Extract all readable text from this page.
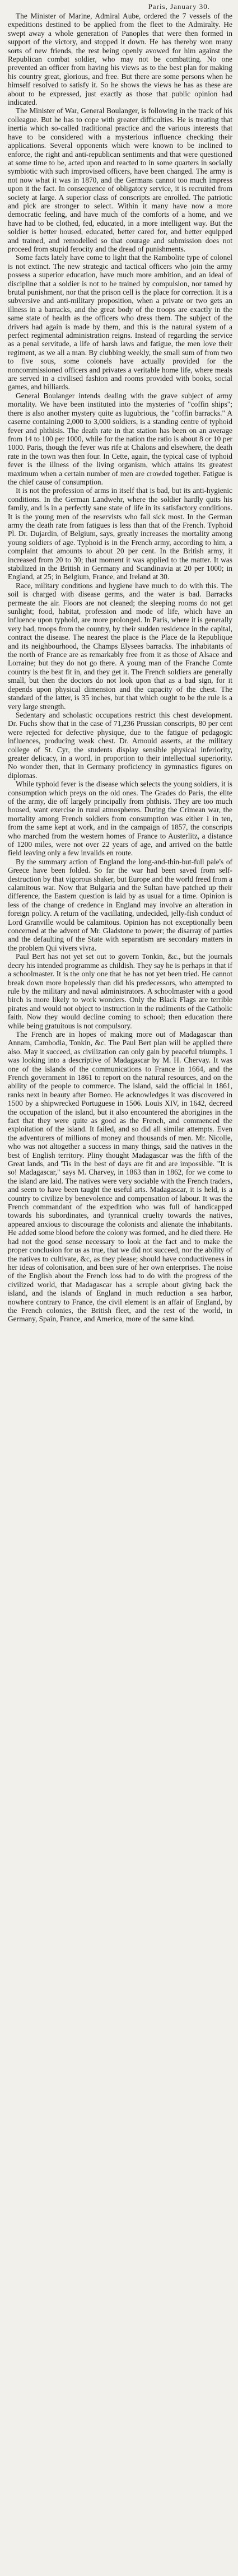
Paris, January 30.

The Minister of Marine, Admiral Aube, ordered the 7 vessels of the expeditions destined to be applied from the fleet to the Admiralty. He swept away a whole generation of Panoples that were then formed in support of the victory, and stopped it down. He has thereby won many sorts of new friends, the rest being openly avowed for him against the Republican combat soldier, who may not be combatting. No one prevented an officer from having his views as to the best plan for making his country great, glorious, and free. But there are some persons when he himself resolved to satisfy it. So he shows the views he has as these are about to be expressed, just exactly as those that public opinion had indicated.

The Minister of War, General Boulanger, is following in the track of his colleague. But he has to cope with greater difficulties. He is treating that inertia which so-called traditional practice and the various interests that have to be considered with a mysterious influence checking their applications. Several opponents which were known to be inclined to enforce, the right and anti-republican sentiments and that were questioned at some time to be, acted upon and reacted to in some quarters in socially symbiotic with such improvised officers, have been changed. The army is not now what it was in 1870, and the Germans cannot too much impress upon it the fact. In consequence of obligatory service, it is recruited from society at large. A superior class of conscripts are enrolled. The patriotic and pick are stronger to select. Within it many have now a more democratic feeling, and have much of the comforts of a home, and we have had to be clothed, fed, educated, in a more intelligent way. But the soldier is better housed, educated, better cared for, and better equipped and trained, and remodelled so that courage and submission does not proceed from stupid ferocity and the dread of punishments.

Some facts lately have come to light that the Rambolite type of colonel is not extinct. The new strategic and tactical officers who join the army possess a superior education, have much more ambition, and an ideal of discipline that a soldier is not to be trained by compulsion, nor tamed by brutal punishment, nor that the prison cell is the place for correction. It is a subversive and anti-military proposition, when a private or two gets an illness in a barracks, and the great body of the troops are exactly in the same state of health as the officers who dress them. The subject of the drivers had again is made by them, and this is the natural system of a perfect regimental administration reigns. Instead of regarding the service as a penal servitude, a life of harsh laws and fatigue, the men love their regiment, as we all a man. By clubbing weekly, the small sum of from two to five sous, some colonels have actually provided for the noncommissioned officers and privates a veritable home life, where meals are served in a civilised fashion and rooms provided with books, social games, and billiards.

General Boulanger intends dealing with the grave subject of army mortality. We have been instituted into the mysteries of "coffin ships"; there is also another mystery quite as lugubrious, the "coffin barracks." A caserne containing 2,000 to 3,000 soldiers, is a standing centre of typhoid fever and phthisis. The death rate in that station has been on an average from 14 to 100 per 1000, while for the nation the ratio is about 8 or 10 per 1000. Paris, though the fever was rife at Chalons and elsewhere, the death rate in the town was then four. In Cette, again, the typical case of typhoid fever is the illness of the living organism, which attains its greatest maximum when a certain number of men are crowded together. Fatigue is the chief cause of consumption.

It is not the profession of arms in itself that is bad, but its anti-hygienic conditions. In the German Landwehr, where the soldier hardly quits his family, and is in a perfectly sane state of life in its satisfactory conditions. It is the young men of the reservists who fall sick most. In the German army the death rate from fatigues is less than that of the French. Typhoid Pl. Dr. Dujardin, of Belgium, says, greatly increases the mortality among young soldiers of age. Typhoid is in the French army, according to him, a complaint that amounts to about 20 per cent. In the British army, it increased from 20 to 30; that moment it was applied to the matter. It was stabilized in the British in Germany and Scandinavia at 20 per 1000; in England, at 25; in Belgium, France, and Ireland at 30.

Race, military conditions and hygiene have much to do with this. The soil is charged with disease germs, and the water is bad. Barracks permeate the air. Floors are not cleaned; the sleeping rooms do not get sunlight; food, habitat, profession and mode of life, which have an influence upon typhoid, are more prolonged. In Paris, where it is generally very bad, troops from the country, by their sudden residence in the capital, contract the disease. The nearest the place is the Place de la Republique and its neighbourhood, the Champs Elysees barracks. The inhabitants of the north of France are as remarkably free from it as those of Alsace and Lorraine; but they do not go there. A young man of the Franche Comte country is the best fit in, and they get it. The French soldiers are generally small, but then the doctors do not look upon that as a bad sign, for it depends upon physical dimension and the capacity of the chest. The standard of the latter, is 35 inches, but that which ought to be the rule is a very large strength.

Sedentary and scholastic occupations restrict this chest development. Dr. Fuchs show that in the case of 71,236 Prussian conscripts, 80 per cent were rejected for defective physique, due to the fatigue of pedagogic influences, producing weak chest. Dr. Arnould asserts, at the military college of St. Cyr, the students display sensible physical inferiority, greater delicacy, in a word, in proportion to their intellectual superiority. No wonder then, that in Germany proficiency in gymnastics figures on diplomas.

While typhoid fever is the disease which selects the young soldiers, it is consumption which preys on the old ones. The Grades do Paris, the elite of the army, die off largely principally from phthisis. They are too much housed, want exercise in rural atmospheres. During the Crimean war, the mortality among French soldiers from consumption was either 1 in ten, from the same kept at work, and in the campaign of 1857, the conscripts who marched from the western homes of France to Austerlitz, a distance of 1200 miles, were not over 22 years of age, and arrived on the battle field leaving only a few invalids en route.

By the summary action of England the long-and-thin-but-full pale's of Greece have been folded. So far the war had been saved from self-destruction by that vigorous shaker, but Europe and the world freed from a calamitous war. Now that Bulgaria and the Sultan have patched up their difference, the Eastern question is laid by as usual for a time. Opinion is less of the change of credence in England may involve an alteration in foreign policy. A return of the vacillating, undecided, jelly-fish conduct of Lord Granville would be calamitous. Opinion has not exceptionally been concerned at the advent of Mr. Gladstone to power; the disarray of parties and the defaulting of the State with separatism are secondary matters in the problem Qui vivers vivra.

Paul Bert has not yet set out to govern Tonkin, &c., but the journals decry his intended programme as childish. They say he is perhaps in that if a schoolmaster. It is the only one that he has not yet been tried. He cannot break down more hopelessly than did his predecessors, who attempted to rule by the military and naval administrators. A schoolmaster with a good birch is more likely to work wonders. Only the Black Flags are terrible pirates and would not object to instruction in the rudiments of the Catholic faith. Now they would decline coming to school; then education there while being gratuitous is not compulsory.

The French are in hopes of making more out of Madagascar than Annam, Cambodia, Tonkin, &c. The Paul Bert plan will be applied there also. May it succeed, as civilization can only gain by peaceful triumphs. I was looking into a descriptive of Madagascar by M. H. Chervay. It was one of the islands of the communications to France in 1664, and the French government in 1861 to report on the natural resources, and on the ability of the people to commerce. The island, said the official in 1861, ranks next in beauty after Borneo. He acknowledges it was discovered in 1500 by a shipwrecked Portuguese in 1506. Louis XIV, in 1642, decreed the occupation of the island, but it also encountered the aborigines in the fact that they were quite as good as the French, and commenced the exploitation of the island. It failed, and so did all similar attempts. Even the adventurers of millions of money and thousands of men. Mr. Nicolle, who was not altogether a success in many things, said the natives in the best of English territory. Pliny thought Madagascar was the fifth of the Great lands, and 'Tis in the best of days are fit and are impossible. "It is so! Madagascar," says M. Charvey, in 1863 than in 1862, for we come to the island are laid. The natives were very sociable with the French traders, and seem to have been taught the useful arts. Madagascar, it is held, is a country to civilize by benevolence and compensation of labour. It was the French commandant of the expedition who was full of handicapped towards his subordinates, and tyrannical cruelty towards the natives, appeared anxious to discourage the colonists and alienate the inhabitants. He added some blood before the colony was formed, and he died there. He had not the good sense necessary to look at the fact and to make the proper conclusion for us as true, that we did not succeed, nor the ability of the natives to cultivate, &c, as they please; should have conductiveness in her ideas of colonisation, and been sure of her own enterprises. The noise of the English about the French loss had to do with the progress of the civilized world, that Madagascar has a scruple about giving back the island, and the islands of England in much reduction a sea harbor, nowhere contrary to France, the civil element is an affair of England, by the French colonies, the British fleet, and the rest of the world, in Germany, Spain, France, and America, more of the same kind.
